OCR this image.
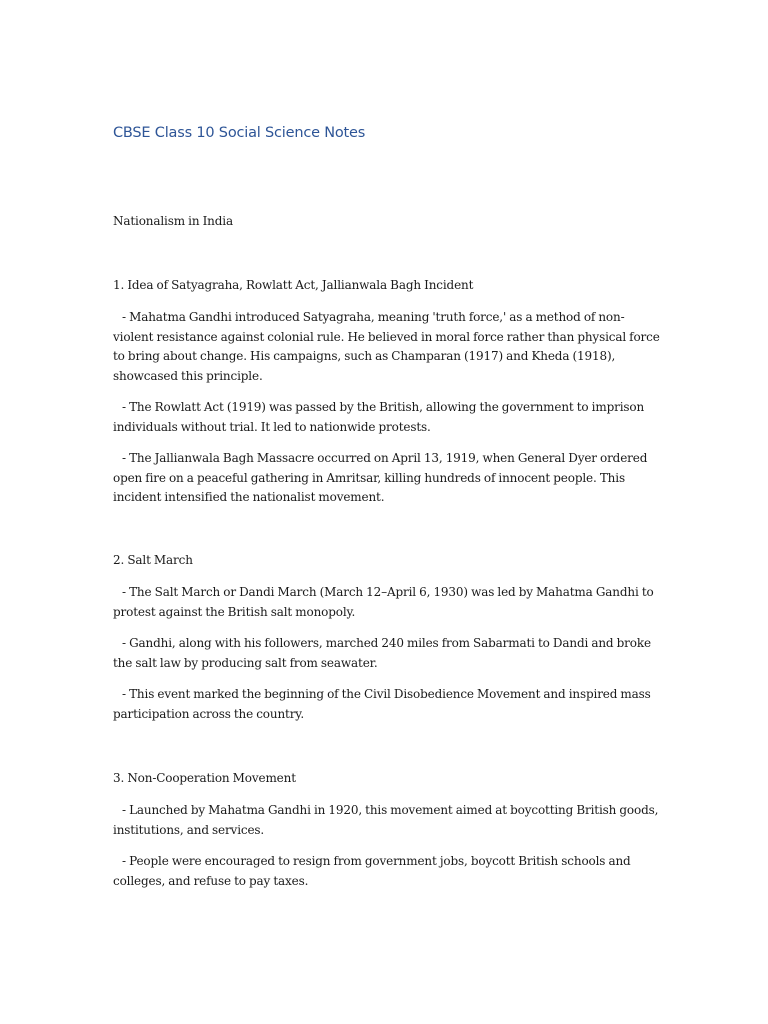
CBSE Class 10 Social Science Notes

Nationalism in India

1. Idea of Satyagraha, Rowlatt Act, Jallianwala Bagh Incident

- Mahatma Gandhi introduced Satyagraha, meaning 'truth force,' as a method of non-violent resistance against colonial rule. He believed in moral force rather than physical force to bring about change. His campaigns, such as Champaran (1917) and Kheda (1918), showcased this principle.

- The Rowlatt Act (1919) was passed by the British, allowing the government to imprison individuals without trial. It led to nationwide protests.

- The Jallianwala Bagh Massacre occurred on April 13, 1919, when General Dyer ordered open fire on a peaceful gathering in Amritsar, killing hundreds of innocent people. This incident intensified the nationalist movement.

2. Salt March

- The Salt March or Dandi March (March 12–April 6, 1930) was led by Mahatma Gandhi to protest against the British salt monopoly.

- Gandhi, along with his followers, marched 240 miles from Sabarmati to Dandi and broke the salt law by producing salt from seawater.

- This event marked the beginning of the Civil Disobedience Movement and inspired mass participation across the country.

3. Non-Cooperation Movement

- Launched by Mahatma Gandhi in 1920, this movement aimed at boycotting British goods, institutions, and services.

- People were encouraged to resign from government jobs, boycott British schools and colleges, and refuse to pay taxes.
